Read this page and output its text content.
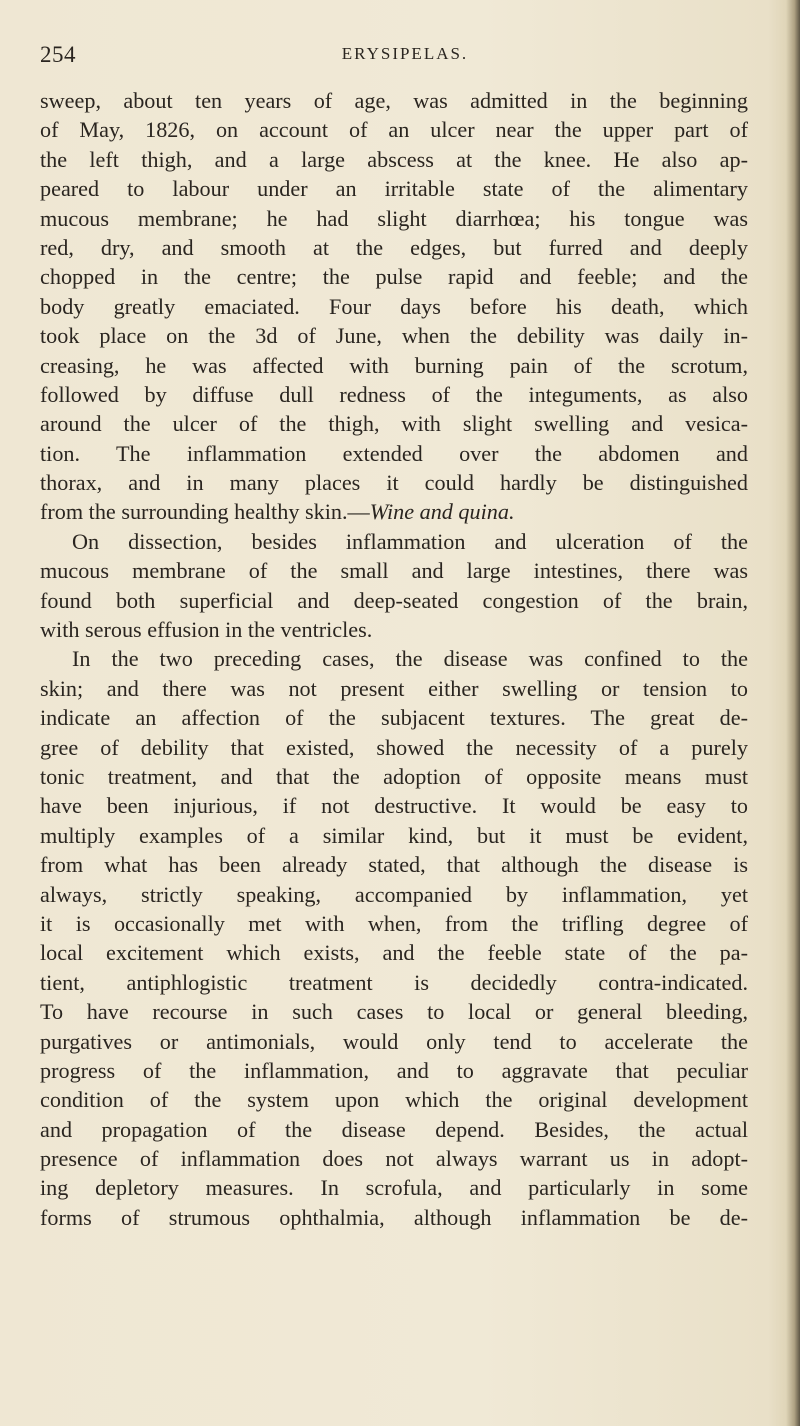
254	ERYSIPELAS.
sweep, about ten years of age, was admitted in the beginning
of May, 1826, on account of an ulcer near the upper part of
the left thigh, and a large abscess at the knee. He also ap-
peared to labour under an irritable state of the alimentary
mucous membrane; he had slight diarrhœa; his tongue was
red, dry, and smooth at the edges, but furred and deeply
chopped in the centre; the pulse rapid and feeble; and the
body greatly emaciated. Four days before his death, which
took place on the 3d of June, when the debility was daily in-
creasing, he was affected with burning pain of the scrotum,
followed by diffuse dull redness of the integuments, as also
around the ulcer of the thigh, with slight swelling and vesica-
tion. The inflammation extended over the abdomen and
thorax, and in many places it could hardly be distinguished
from the surrounding healthy skin.—Wine and quina.
On dissection, besides inflammation and ulceration of the
mucous membrane of the small and large intestines, there was
found both superficial and deep-seated congestion of the brain,
with serous effusion in the ventricles.
In the two preceding cases, the disease was confined to the
skin; and there was not present either swelling or tension to
indicate an affection of the subjacent textures. The great de-
gree of debility that existed, showed the necessity of a purely
tonic treatment, and that the adoption of opposite means must
have been injurious, if not destructive. It would be easy to
multiply examples of a similar kind, but it must be evident,
from what has been already stated, that although the disease is
always, strictly speaking, accompanied by inflammation, yet
it is occasionally met with when, from the trifling degree of
local excitement which exists, and the feeble state of the pa-
tient, antiphlogistic treatment is decidedly contra-indicated.
To have recourse in such cases to local or general bleeding,
purgatives or antimonials, would only tend to accelerate the
progress of the inflammation, and to aggravate that peculiar
condition of the system upon which the original development
and propagation of the disease depend. Besides, the actual
presence of inflammation does not always warrant us in adopt-
ing depletory measures. In scrofula, and particularly in some
forms of strumous ophthalmia, although inflammation be de-
